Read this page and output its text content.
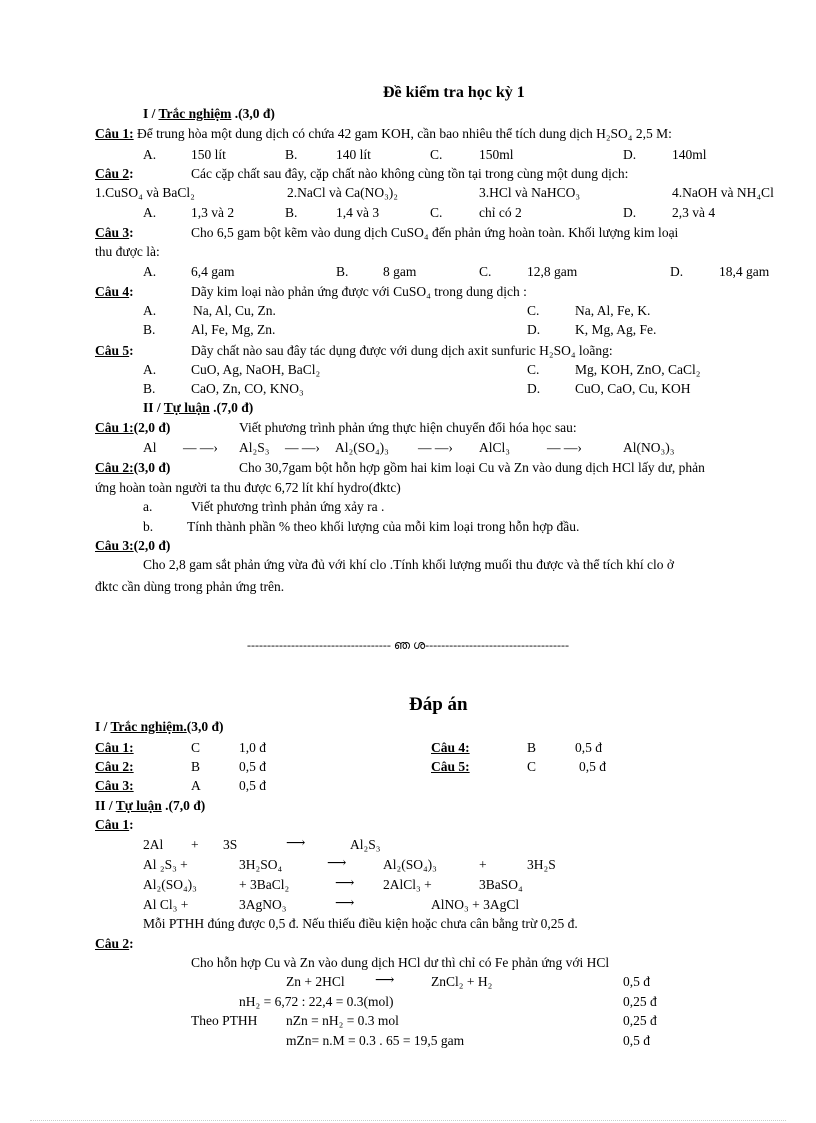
Đề kiểm tra học kỳ 1
I / Trắc nghiệm .(3,0 đ)
Câu 1: Để trung hòa một dung dịch có chứa 42 gam KOH, cần bao nhiêu thể tích dung dịch H₂SO₄ 2,5 M:
A.	150 lít	B.	140 lít	C.	150ml	D.	140ml
Câu 2:	Các cặp chất sau đây, cặp chất nào không cùng tồn tại trong cùng một dung dịch:
1.CuSO₄ và BaCl₂	2.NaCl và Ca(NO₃)₂	3.HCl và NaHCO₃	4.NaOH và NH₄Cl
A.	1,3 và 2	B.	1,4 và 3	C.	chỉ có 2	D.	2,3 và 4
Câu 3:	Cho 6,5 gam bột kẽm vào dung dịch CuSO₄ đến phản ứng hoàn toàn. Khối lượng kim loại
thu được là:
A.	6,4 gam	B.	8 gam	C.	12,8 gam	D.	18,4 gam
Câu 4:	Dãy kim loại nào phản ứng được với CuSO₄ trong dung dịch :
A.	Na, Al, Cu, Zn.	C.	Na, Al, Fe, K.
B.	Al, Fe, Mg, Zn.	D.	K, Mg, Ag, Fe.
Câu 5:	Dãy chất nào sau đây tác dụng được với dung dịch axit sunfuric H₂SO₄ loãng:
A.	CuO, Ag, NaOH, BaCl₂	C.	Mg, KOH, ZnO, CaCl₂
B.	CaO, Zn, CO, KNO₃	D.	CuO, CaO, Cu, KOH
II / Tự luận .(7,0 đ)
Câu 1:(2,0 đ)	Viết phương trình phản ứng thực hiện chuyển đổi hóa học sau:
Al — —› Al₂S₃ — —› Al₂(SO₄)₃ — —› AlCl₃	— —›	Al(NO₃)₃
Câu 2:(3,0 đ)	Cho 30,7gam bột hỗn hợp gồm hai kim loại Cu và Zn vào dung dịch HCl lấy dư, phản
ứng hoàn toàn người ta thu được 6,72 lít khí hydro(đktc)
a.	Viết phương trình phản ứng xảy ra .
b.	Tính thành phần % theo khối lượng của mỗi kim loại trong hỗn hợp đầu.
Câu 3:(2,0 đ)
Cho 2,8 gam sắt phản ứng vừa đủ với khí clo .Tính khối lượng muối thu được và thể tích khí clo ở
đktc cần dùng trong phản ứng trên.
------------------------------------ ഞ ശ------------------------------------
Đáp án
I / Trắc nghiệm.(3,0 đ)
Câu 1:	C	1,0 đ
Câu 2:	B	0,5 đ
Câu 3:	A	0,5 đ
Câu 4:	B	0,5 đ
Câu 5:	C	0,5 đ
II / Tự luận .(7,0 đ)
Câu 1:
2Al + 3S	⟶	Al₂S₃
Al ₂S₃ +	3H₂SO₄	⟶	Al₂(SO₄)₃	+	3H₂S
Al₂(SO₄)₃	+ 3BaCl₂	⟶ 2AlCl₃ +	3BaSO₄
Al Cl₃ +	3AgNO₃	⟶	AlNO₃ + 3AgCl
Mỗi PTHH đúng được 0,5 đ. Nếu thiếu điều kiện hoặc chưa cân bằng trừ 0,25 đ.
Câu 2:
Cho hỗn hợp Cu và Zn vào dung dịch HCl dư thì chỉ có Fe phản ứng với HCl
Zn + 2HCl ⟶	ZnCl₂ + H₂	0,5 đ
nH₂ = 6,72 : 22,4 = 0.3(mol)	0,25 đ
Theo PTHH nZn = nH₂ = 0.3 mol	0,25 đ
mZn= n.M = 0.3 . 65 = 19,5 gam	0,5 đ
